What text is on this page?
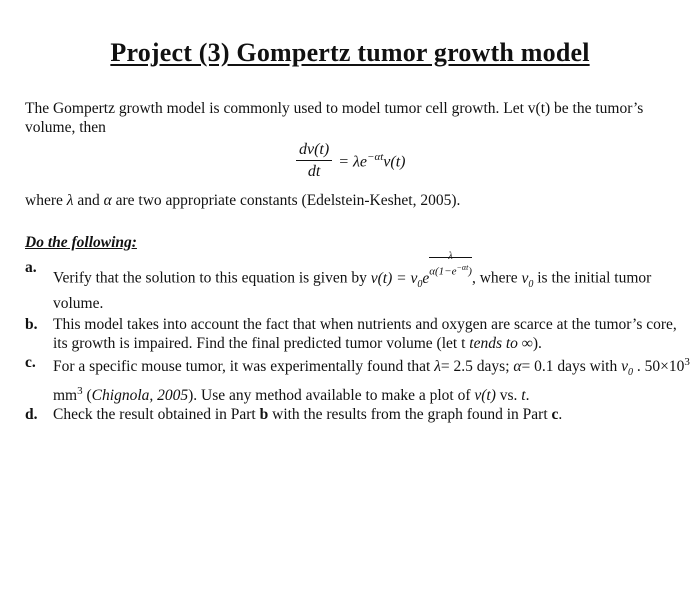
Project (3) Gompertz tumor growth model
The Gompertz growth model is commonly used to model tumor cell growth. Let v(t) be the tumor’s volume, then
$\frac{dv(t)}{dt} = \lambda e^{-\alpha t}v(t)$
where λ and α are two appropriate constants (Edelstein-Keshet, 2005).
Do the following:
a.
Verify that the solution to this equation is given by $v(t) = v_0e$
λ
$\alpha(1-e^{-\alpha t})$, where $v_0$ is the initial tumor volume.
b. This model takes into account the fact that when nutrients and oxygen are scarce at the tumor’s core, its growth is impaired. Find the final predicted tumor volume (let t tends to ∞).
c. For a specific mouse tumor, it was experimentally found that λ= 2.5 days; α= 0.1 days with $v_0$ . $50\times 10^3$ $mm^3$ (Chignola, 2005). Use any method available to make a plot of v(t) vs. t.
d. Check the result obtained in Part b with the results from the graph found in Part c.
